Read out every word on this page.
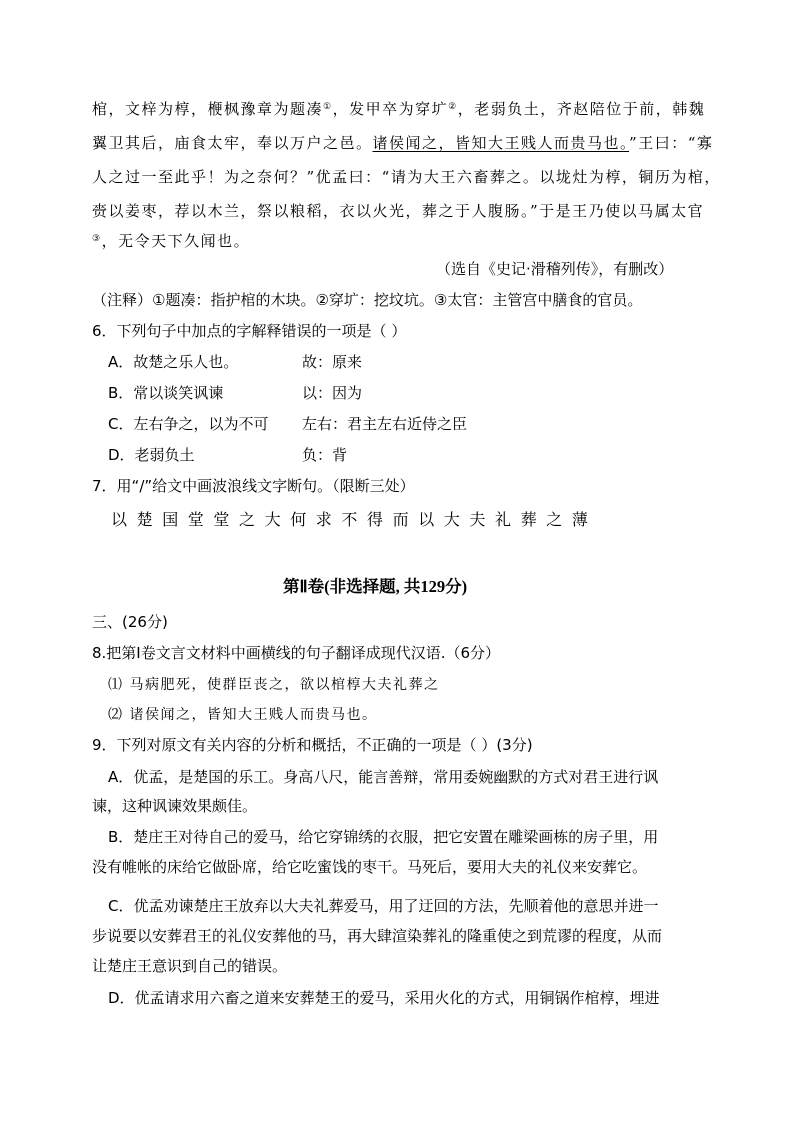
棺，文梓为椁，楩枫豫章为题凑①，发甲卒为穿圹②，老弱负土，齐赵陪位于前，韩魏
翼卫其后，庙食太牢，奉以万户之邑。诸侯闻之，皆知大王贱人而贵马也。”王曰：“寡
人之过一至此乎！为之奈何？”优孟曰：“请为大王六畜葬之。以垅灶为椁，铜历为棺，
赍以姜枣，荐以木兰，祭以粮稻，衣以火光，葬之于人腹肠。”于是王乃使以马属太官
③，无令天下久闻也。
（选自《史记·滑稽列传》，有删改）
（注释）①题凑：指护棺的木块。②穿圹：挖坟坑。③太官：主管宫中膳食的官员。
6．下列句子中加点的字解释错误的一项是（ ）
A．故楚之乐人也。	故：原来
B．常以谈笑讽谏	以：因为
C．左右争之，以为不可 左右：君主左右近侍之臣
D．老弱负土	负：背
7．用“/”给文中画波浪线文字断句。（限断三处）
以楚国堂堂之大何求不得而以大夫礼葬之薄
第Ⅱ卷(非选择题, 共129分)
三、(26分)
8.把第Ⅰ卷文言文材料中画横线的句子翻译成现代汉语.（6分）
⑴ 马病肥死，使群臣丧之，欲以棺椁大夫礼葬之
⑵ 诸侯闻之，皆知大王贱人而贵马也。
9．下列对原文有关内容的分析和概括，不正确的一项是（ ）(3分)
A．优孟，是楚国的乐工。身高八尺，能言善辩，常用委婉幽默的方式对君王进行讽
谏，这种讽谏效果颇佳。
B．楚庄王对待自己的爱马，给它穿锦绣的衣服，把它安置在雕梁画栋的房子里，用
没有帷帐的床给它做卧席，给它吃蜜饯的枣干。马死后，要用大夫的礼仪来安葬它。
C．优孟劝谏楚庄王放弃以大夫礼葬爱马，用了迂回的方法，先顺着他的意思并进一
步说要以安葬君王的礼仪安葬他的马，再大肆渲染葬礼的隆重使之到荒谬的程度，从而
让楚庄王意识到自己的错误。
D．优孟请求用六畜之道来安葬楚王的爱马，采用火化的方式，用铜锅作棺椁，埋进
